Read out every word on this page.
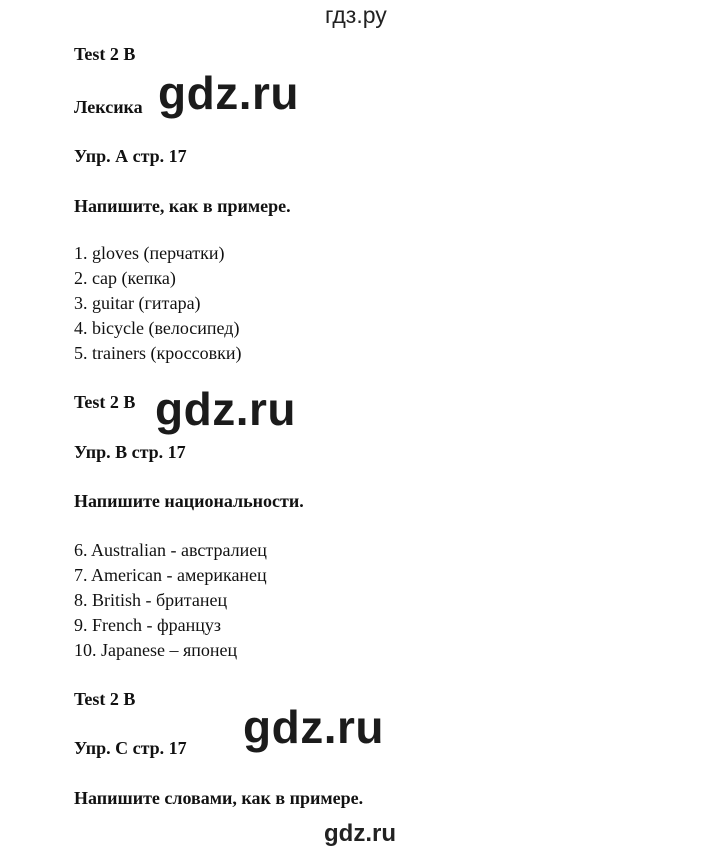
гдз.ру
Test 2 B
Лексика gdz.ru
Упр. А стр. 17
Напишите, как в примере.
1. gloves (перчатки)
2. cap (кепка)
3. guitar (гитара)
4. bicycle (велосипед)
5. trainers (кроссовки)
Test 2 B gdz.ru
Упр. B стр. 17
Напишите национальности.
6. Australian - австралиец
7. American - американец
8. British - британец
9. French - француз
10. Japanese – японец
Test 2 B
gdz.ru
Упр. C стр. 17
Напишите словами, как в примере.
gdz.ru
